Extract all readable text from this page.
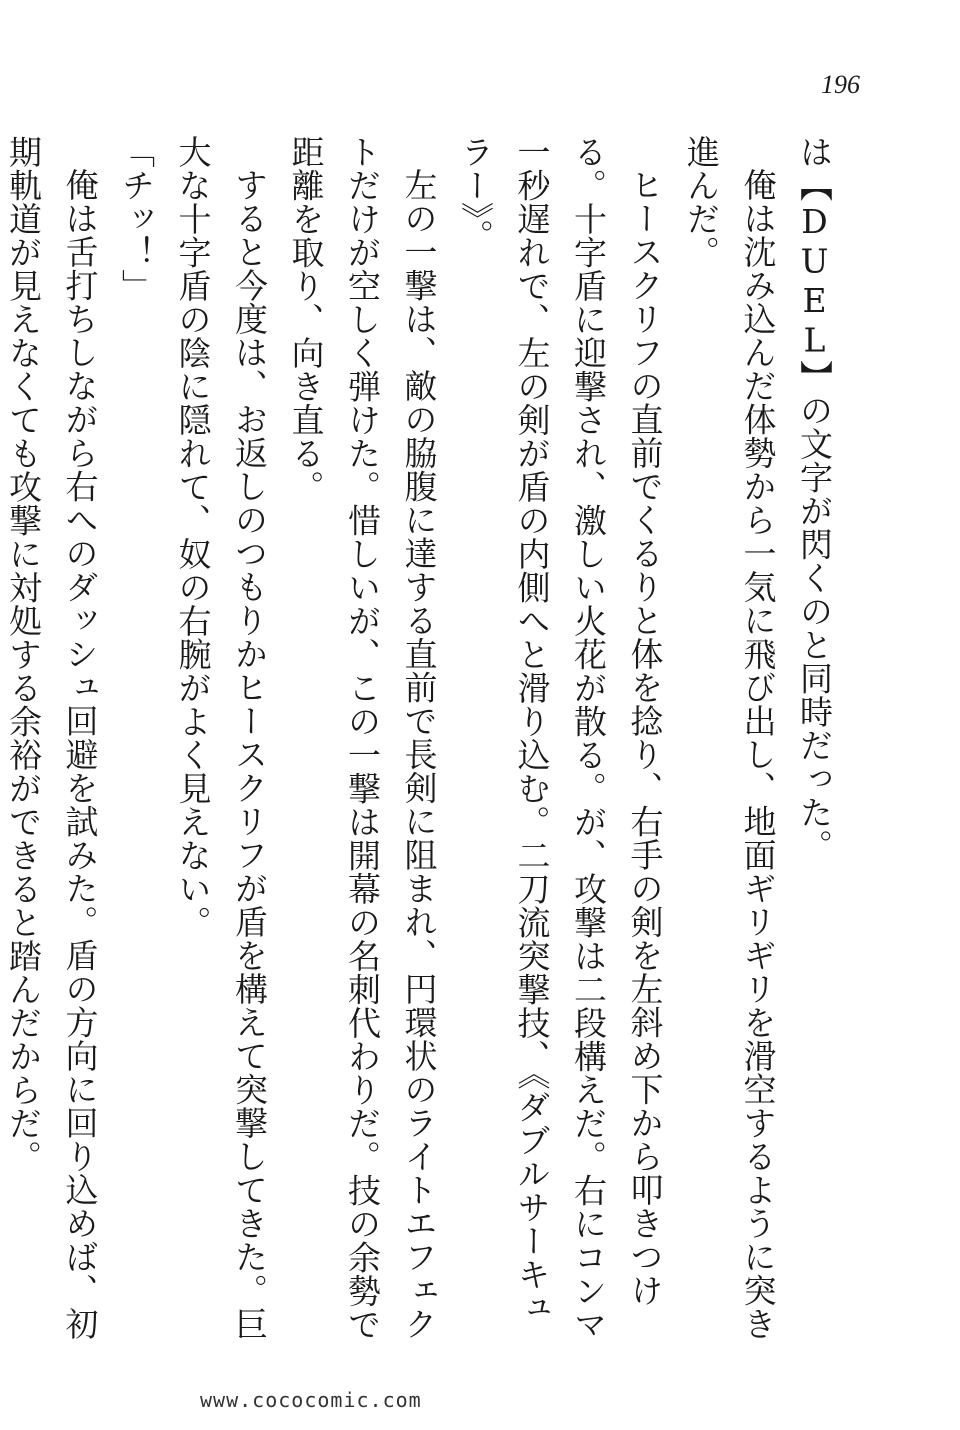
196

は【DUEL】の文字が閃くのと同時だった。

俺は沈み込んだ体勢から一気に飛び出し、地面ギリギリを滑空するように突き進んだ。

ヒースクリフの直前でくるりと体を捻り、右手の剣を左斜め下から叩きつける。十字盾に迎撃され、激しい火花が散る。が、攻撃は二段構えだ。右にコンマ一秒遅れで、左の剣が盾の内側へと滑り込む。二刀流突撃技、《ダブルサーキュラー》。

左の一撃は、敵の脇腹に達する直前で長剣に阻まれ、円環状のライトエフェクトだけが空しく弾けた。惜しいが、この一撃は開幕の名刺代わりだ。技の余勢で距離を取り、向き直る。

すると今度は、お返しのつもりかヒースクリフが盾を構えて突撃してきた。巨大な十字盾の陰に隠れて、奴の右腕がよく見えない。

「チッ！」

俺は舌打ちしながら右へのダッシュ回避を試みた。盾の方向に回り込めば、初期軌道が見えなくても攻撃に対処する余裕ができると踏んだからだ。

www.cococomic.com
